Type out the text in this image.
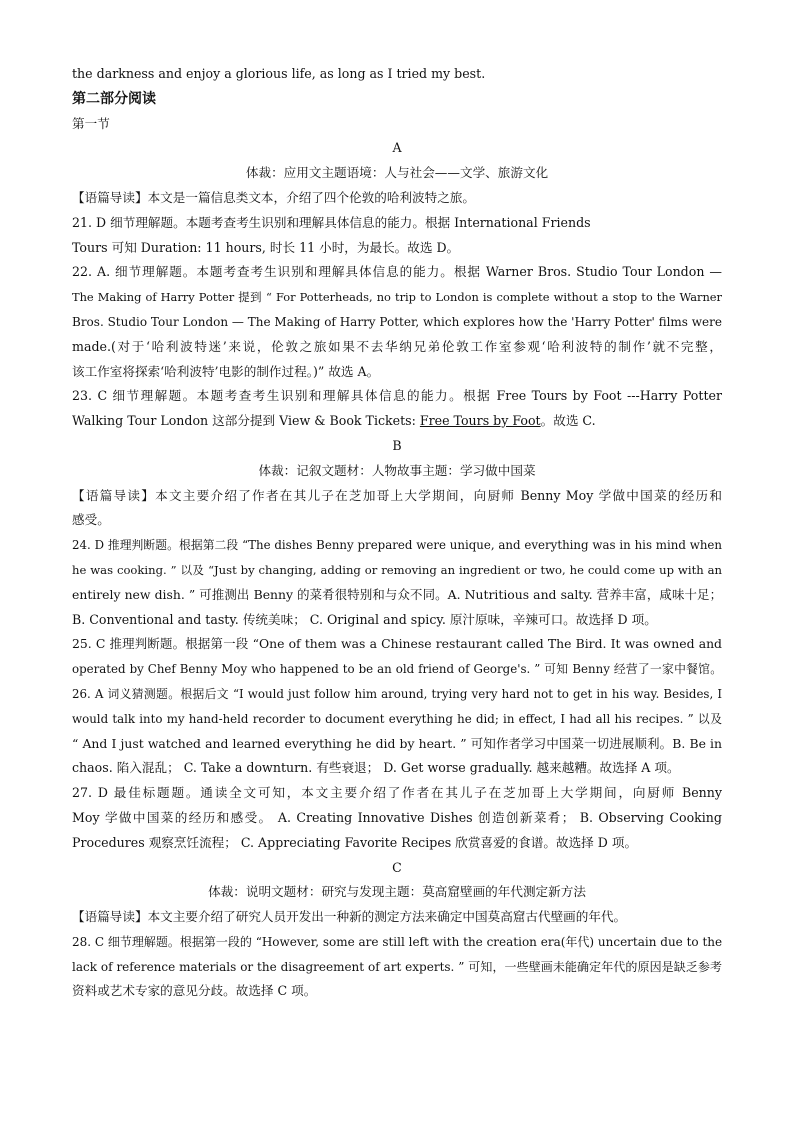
the darkness and enjoy a glorious life, as long as I tried my best.
第二部分阅读
第一节
A
体裁：应用文主题语境：人与社会——文学、旅游文化
【语篇导读】本文是一篇信息类文本，介绍了四个伦敦的哈利波特之旅。
21. D 细节理解题。本题考查考生识别和理解具体信息的能力。根据 International Friends
Tours 可知 Duration: 11 hours, 时长 11 小时，为最长。故选 D。
22. A. 细节理解题。本题考查考生识别和理解具体信息的能力。根据 Warner Bros. Studio Tour London —
The Making of Harry Potter 提到 “ For Potterheads, no trip to London is complete without a stop to the Warner
Bros. Studio Tour London — The Making of Harry Potter, which explores how the 'Harry Potter' films were
made.(对于‘哈利波特迷’来说，伦敦之旅如果不去华纳兄弟伦敦工作室参观‘哈利波特的制作’就不完整，
该工作室将探索‘哈利波特’电影的制作过程。)” 故选 A。
23. C 细节理解题。本题考查考生识别和理解具体信息的能力。根据 Free Tours by Foot ---Harry Potter
Walking Tour London 这部分提到 View & Book Tickets: Free Tours by Foot。故选 C.
B
体裁：记叙文题材：人物故事主题：学习做中国菜
【语篇导读】本文主要介绍了作者在其儿子在芝加哥上大学期间，向厨师 Benny Moy 学做中国菜的经历和
感受。
24. D 推理判断题。根据第二段 “The dishes Benny prepared were unique, and everything was in his mind when
he was cooking. ” 以及 “Just by changing, adding or removing an ingredient or two, he could come up with an
entirely new dish. ” 可推测出 Benny 的菜肴很特别和与众不同。A. Nutritious and salty. 营养丰富，咸味十足；
B. Conventional and tasty. 传统美味； C. Original and spicy. 原汁原味，辛辣可口。故选择 D 项。
25. C 推理判断题。根据第一段 “One of them was a Chinese restaurant called The Bird. It was owned and
operated by Chef Benny Moy who happened to be an old friend of George's. ” 可知 Benny 经营了一家中餐馆。
26. A 词义猜测题。根据后文 “I would just follow him around, trying very hard not to get in his way. Besides, I
would talk into my hand-held recorder to document everything he did; in effect, I had all his recipes. ” 以及
“ And I just watched and learned everything he did by heart. ” 可知作者学习中国菜一切进展顺利。B. Be in
chaos. 陷入混乱； C. Take a downturn. 有些衰退； D. Get worse gradually. 越来越糟。故选择 A 项。
27. D 最佳标题题。通读全文可知，本文主要介绍了作者在其儿子在芝加哥上大学期间，向厨师 Benny
Moy 学做中国菜的经历和感受。 A. Creating Innovative Dishes 创造创新菜肴； B. Observing Cooking
Procedures 观察烹饪流程； C. Appreciating Favorite Recipes 欣赏喜爱的食谱。故选择 D 项。
C
体裁：说明文题材：研究与发现主题：莫高窟壁画的年代测定新方法
【语篇导读】本文主要介绍了研究人员开发出一种新的测定方法来确定中国莫高窟古代壁画的年代。
28. C 细节理解题。根据第一段的 “However, some are still left with the creation era(年代) uncertain due to the
lack of reference materials or the disagreement of art experts. ” 可知，一些壁画未能确定年代的原因是缺乏参考
资料或艺术专家的意见分歧。故选择 C 项。
